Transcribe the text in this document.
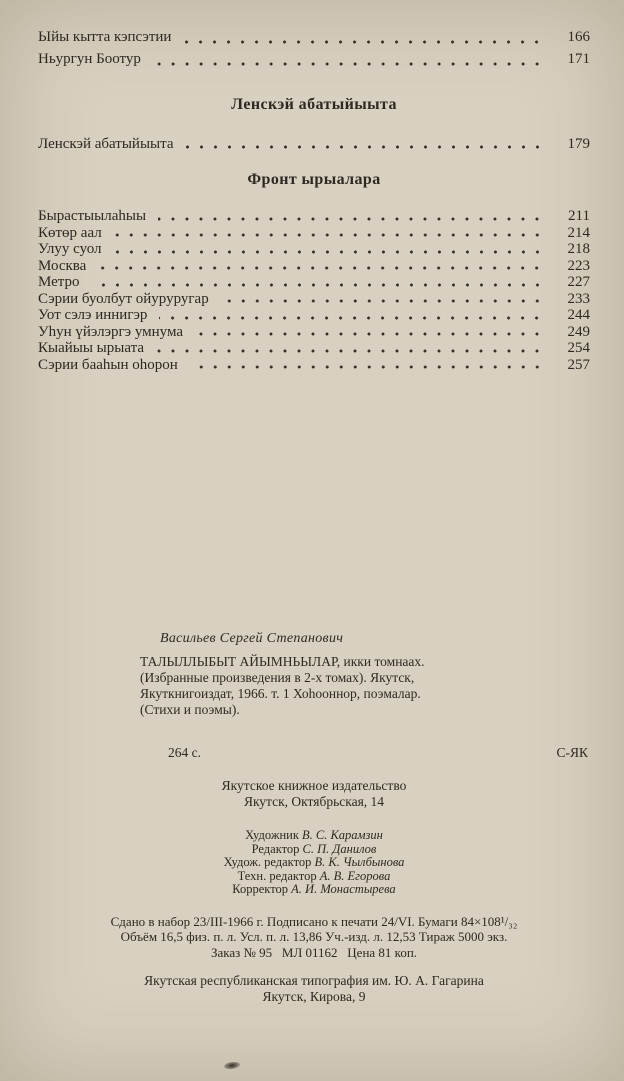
Ыйы кытта кэпсэтии	166
Ньургун Боотур	171
Ленскэй абатыйыыта
Ленскэй абатыйыыта	179
Фронт ырыалара
Бырастыылаһыы	211
Көтөр аал	214
Улуу суол	218
Москва	223
Метро	227
Сэрии буолбут ойуруругар	233
Уот сэлэ иннигэр	244
Уһун үйэлэргэ умнума	249
Кыайыы ырыата	254
Сэрии бааһын оһорон	257
Васильев Сергей Степанович
ТАЛЫЛЛЫБЫТ АЙЫМНЬЫЛАР, икки томнаах.
(Избранные произведения в 2-х томах). Якутск,
Якуткнигоиздат, 1966. т. 1 Хоһооннор, поэмалар.
(Стихи и поэмы).
264 с.	С-ЯК
Якутское книжное издательство
Якутск, Октябрьская, 14
Художник В. С. Карамзин
Редактор С. П. Данилов
Худож. редактор В. К. Чылбынова
Техн. редактор А. В. Егорова
Корректор А. И. Монастырева
Сдано в набор 23/III-1966 г. Подписано к печати 24/VI. Бумаги 84×108¹/₃₂
Объём 16,5 физ. п. л. Усл. п. л. 13,86 Уч.-изд. л. 12,53 Тираж 5000 экз.
Заказ № 95   МЛ 01162   Цена 81 коп.
Якутская республиканская типография им. Ю. А. Гагарина
Якутск, Кирова, 9
